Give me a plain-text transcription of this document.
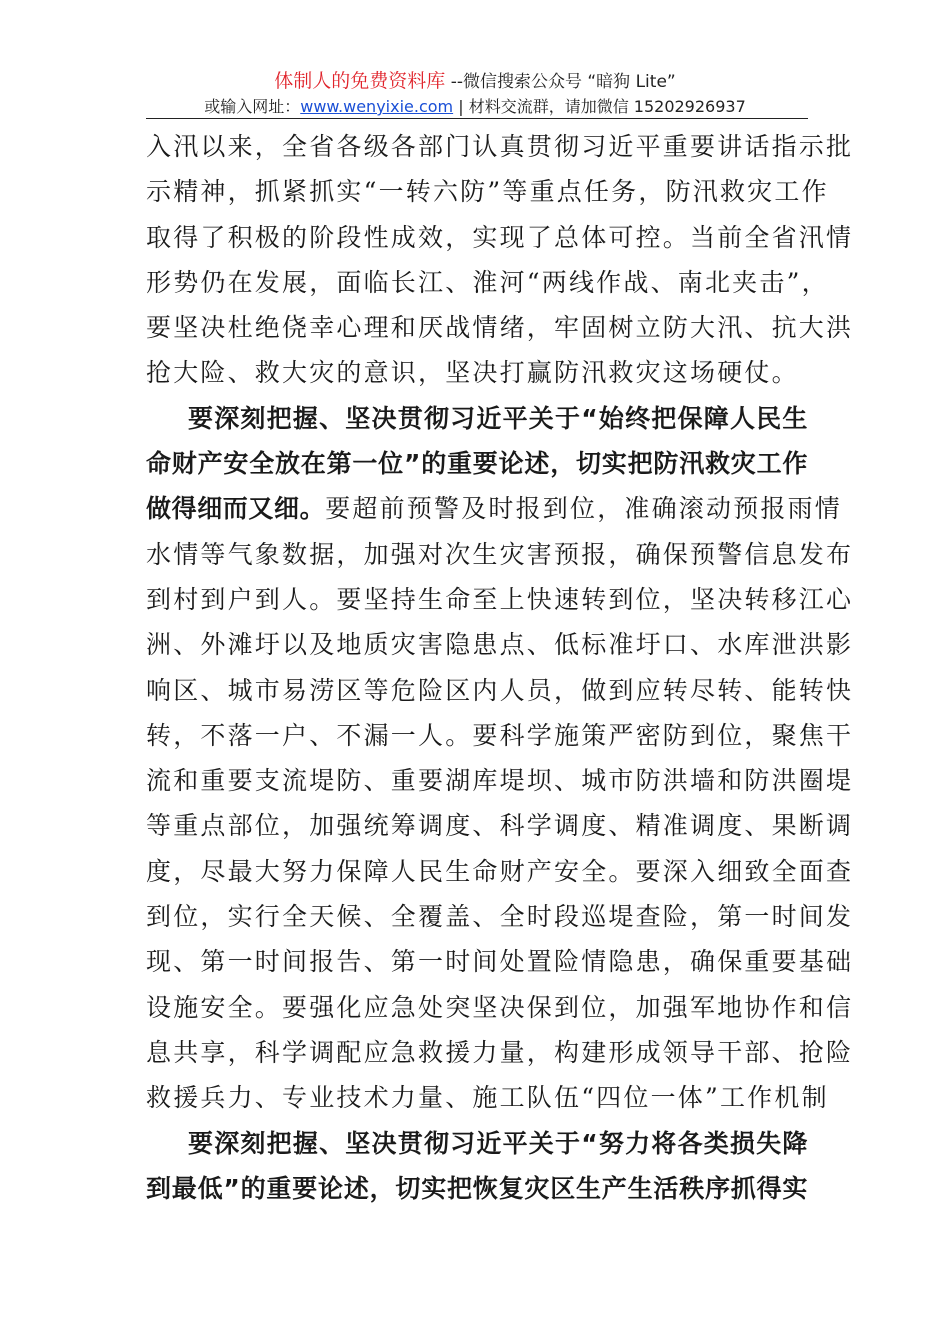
体制人的免费资料库 --微信搜索公众号 “暗狗 Lite”
或输入网址：www.wenyixie.com | 材料交流群，请加微信 15202926937
入汛以来，全省各级各部门认真贯彻习近平重要讲话指示批
示精神，抓紧抓实“一转六防”等重点任务，防汛救灾工作
取得了积极的阶段性成效，实现了总体可控。当前全省汛情
形势仍在发展，面临长江、淮河“两线作战、南北夹击”，
要坚决杜绝侥幸心理和厌战情绪，牢固树立防大汛、抗大洪
抢大险、救大灾的意识，坚决打赢防汛救灾这场硬仗。
要深刻把握、坚决贯彻习近平关于“始终把保障人民生
命财产安全放在第一位”的重要论述，切实把防汛救灾工作
做得细而又细。要超前预警及时报到位，准确滚动预报雨情
水情等气象数据，加强对次生灾害预报，确保预警信息发布
到村到户到人。要坚持生命至上快速转到位，坚决转移江心
洲、外滩圩以及地质灾害隐患点、低标准圩口、水库泄洪影
响区、城市易涝区等危险区内人员，做到应转尽转、能转快
转，不落一户、不漏一人。要科学施策严密防到位，聚焦干
流和重要支流堤防、重要湖库堤坝、城市防洪墙和防洪圈堤
等重点部位，加强统筹调度、科学调度、精准调度、果断调
度，尽最大努力保障人民生命财产安全。要深入细致全面查
到位，实行全天候、全覆盖、全时段巡堤查险，第一时间发
现、第一时间报告、第一时间处置险情隐患，确保重要基础
设施安全。要强化应急处突坚决保到位，加强军地协作和信
息共享，科学调配应急救援力量，构建形成领导干部、抢险
救援兵力、专业技术力量、施工队伍“四位一体”工作机制
要深刻把握、坚决贯彻习近平关于“努力将各类损失降
到最低”的重要论述，切实把恢复灾区生产生活秩序抓得实
